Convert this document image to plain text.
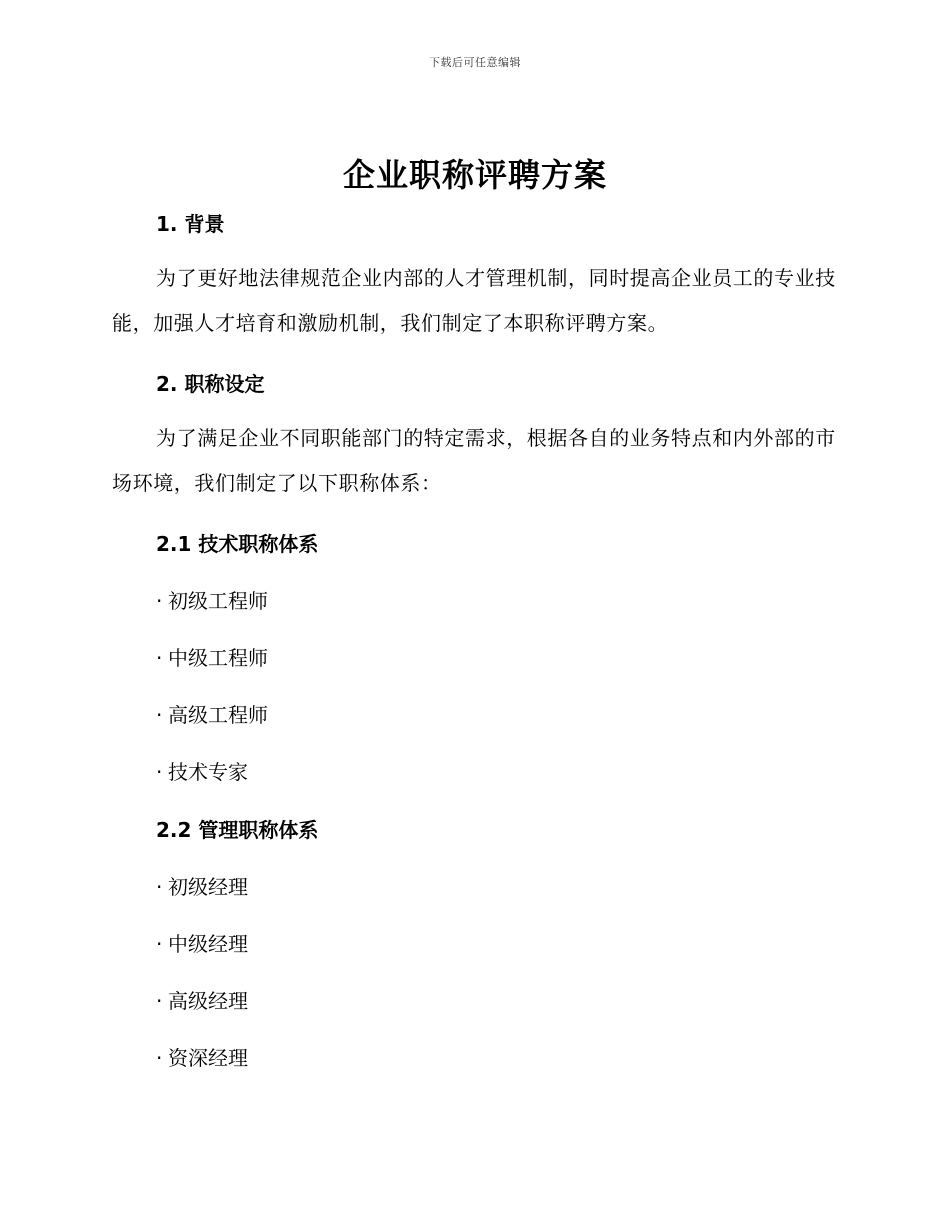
下载后可任意编辑
企业职称评聘方案
1. 背景

为了更好地法律规范企业内部的人才管理机制，同时提高企业员工的专业技能，加强人才培育和激励机制，我们制定了本职称评聘方案。

2. 职称设定

为了满足企业不同职能部门的特定需求，根据各自的业务特点和内外部的市场环境，我们制定了以下职称体系：

2.1 技术职称体系
· 初级工程师
· 中级工程师
· 高级工程师
· 技术专家
2.2 管理职称体系
· 初级经理
· 中级经理
· 高级经理
· 资深经理
